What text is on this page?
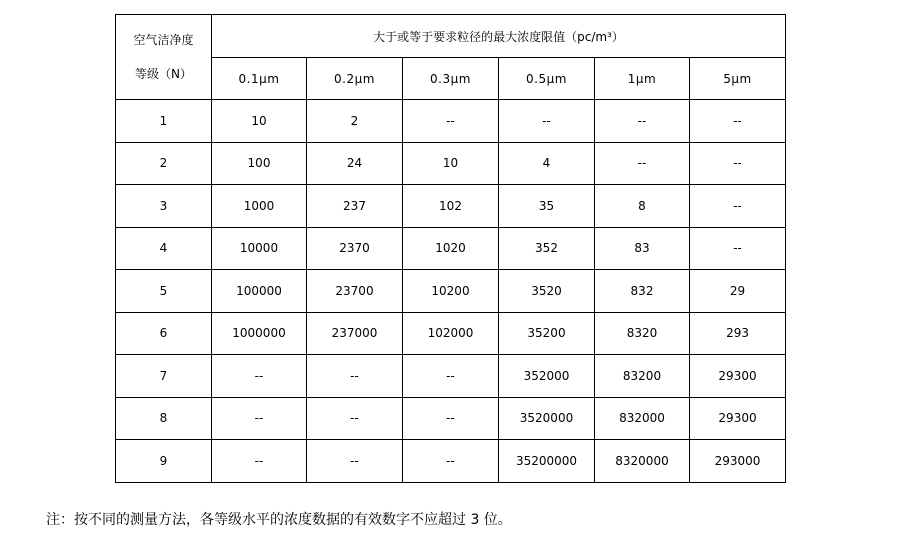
空气洁净度
等级（N）	大于或等于要求粒径的最大浓度限值（pc/m³）					
	0.1μm	0.2μm	0.3μm	0.5μm	1μm	5μm
1	10	2	--	--	--	--
2	100	24	10	4	--	--
3	1000	237	102	35	8	--
4	10000	2370	1020	352	83	--
5	100000	23700	10200	3520	832	29
6	1000000	237000	102000	35200	8320	293
7	--	--	--	352000	83200	29300
8	--	--	--	3520000	832000	29300
9	--	--	--	35200000	8320000	293000
注：按不同的测量方法，各等级水平的浓度数据的有效数字不应超过 3 位。
